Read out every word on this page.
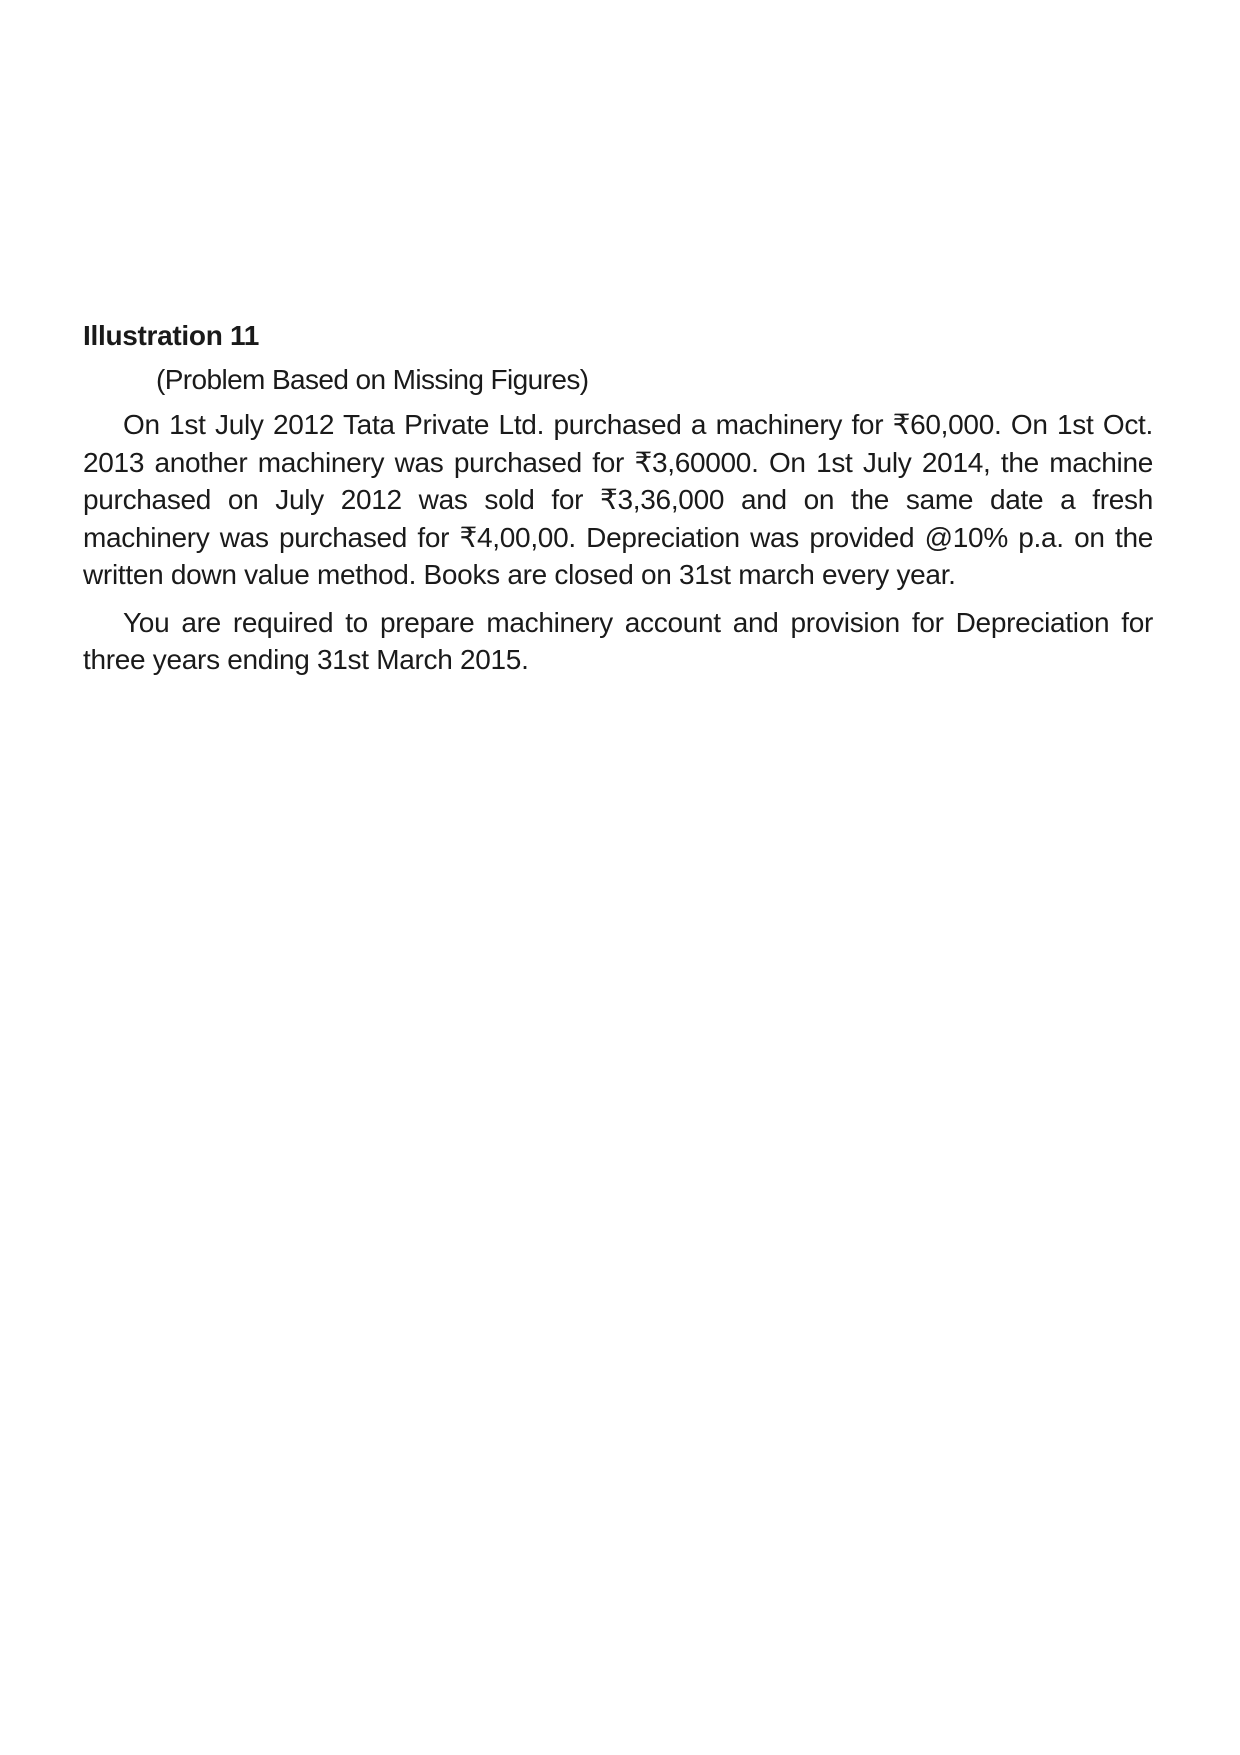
Illustration 11
(Problem Based on Missing Figures)

On 1st July 2012 Tata Private Ltd. purchased a machinery for ₹60,000. On 1st Oct. 2013 another machinery was purchased for ₹3,60000. On 1st July 2014, the machine purchased on July 2012 was sold for ₹3,36,000 and on the same date a fresh machinery was purchased for ₹4,00,00. Depreciation was provided @10% p.a. on the written down value method. Books are closed on 31st march every year.

You are required to prepare machinery account and provision for Depreciation for three years ending 31st March 2015.
